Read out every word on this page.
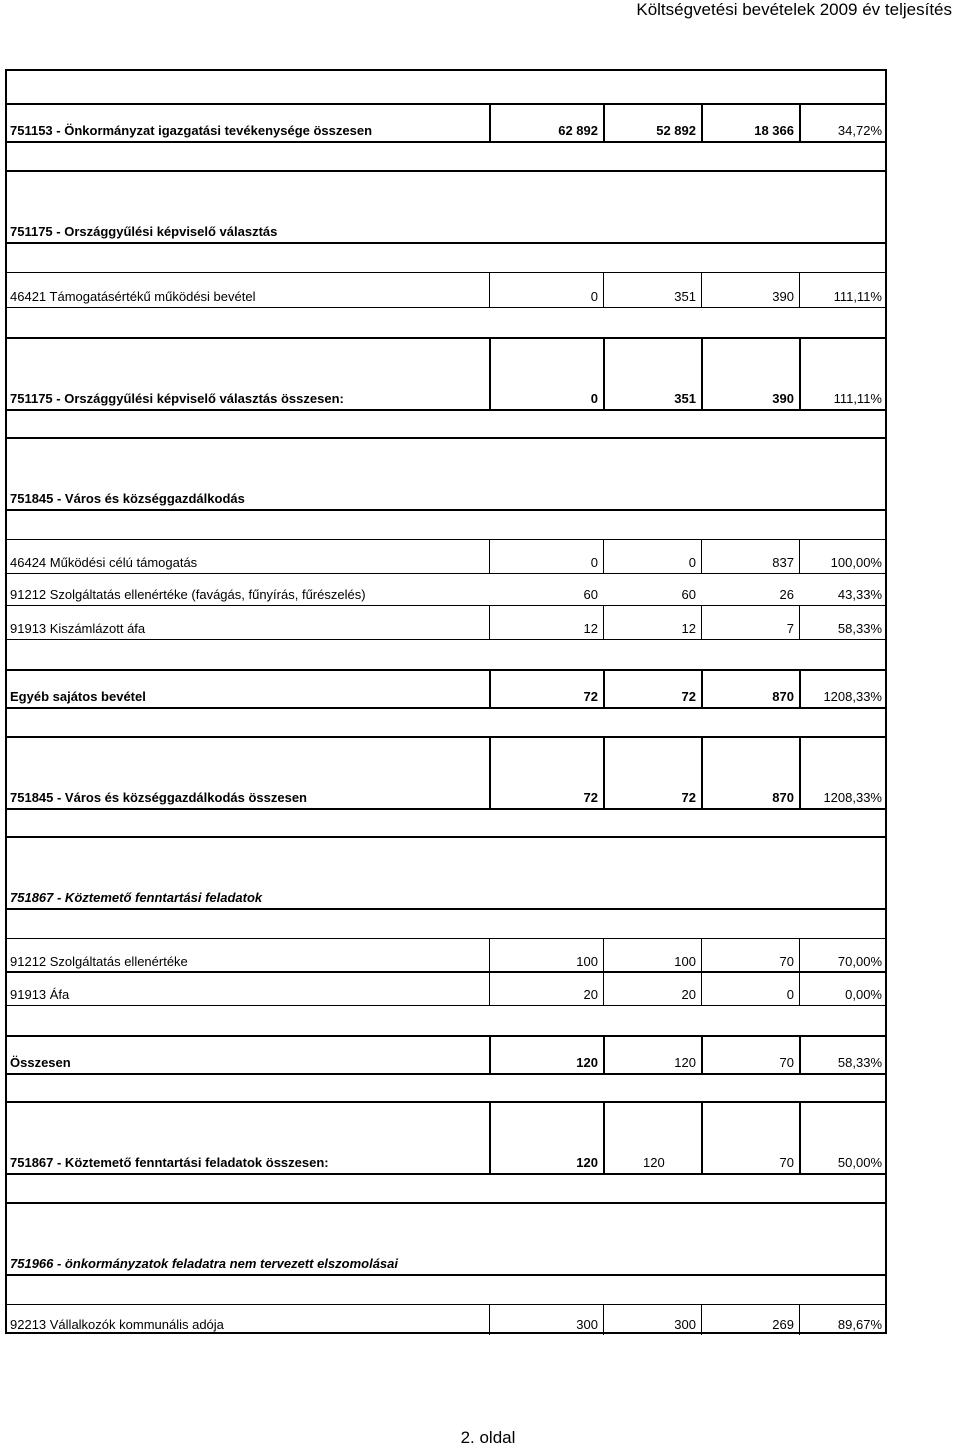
Költségvetési bevételek 2009 év teljesítés
751153 - Önkormányzat igazgatási tevékenysége összesen	62 892	52 892	18 366	34,72%
751175 - Országgyűlési képviselő választás
46421 Támogatásértékű működési bevétel	0	351	390	111,11%
751175 - Országgyűlési képviselő választás összesen:	0	351	390	111,11%
751845 - Város és községgazdálkodás
46424 Működési célú támogatás	0	0	837	100,00%
91212 Szolgáltatás ellenértéke (favágás, fűnyírás, fűrészelés)	60	60	26	43,33%
91913 Kiszámlázott áfa	12	12	7	58,33%
Egyéb sajátos bevétel	72	72	870	1208,33%
751845 - Város és községgazdálkodás összesen	72	72	870	1208,33%
751867 - Köztemető fenntartási feladatok
91212 Szolgáltatás ellenértéke	100	100	70	70,00%
91913 Áfa	20	20	0	0,00%
Összesen	120	120	70	58,33%
751867 - Köztemető fenntartási feladatok összesen:	120	120	70	50,00%
751966 - önkormányzatok feladatra nem tervezett elszomolásai
92213 Vállalkozók kommunális adója	300	300	269	89,67%
2. oldal
